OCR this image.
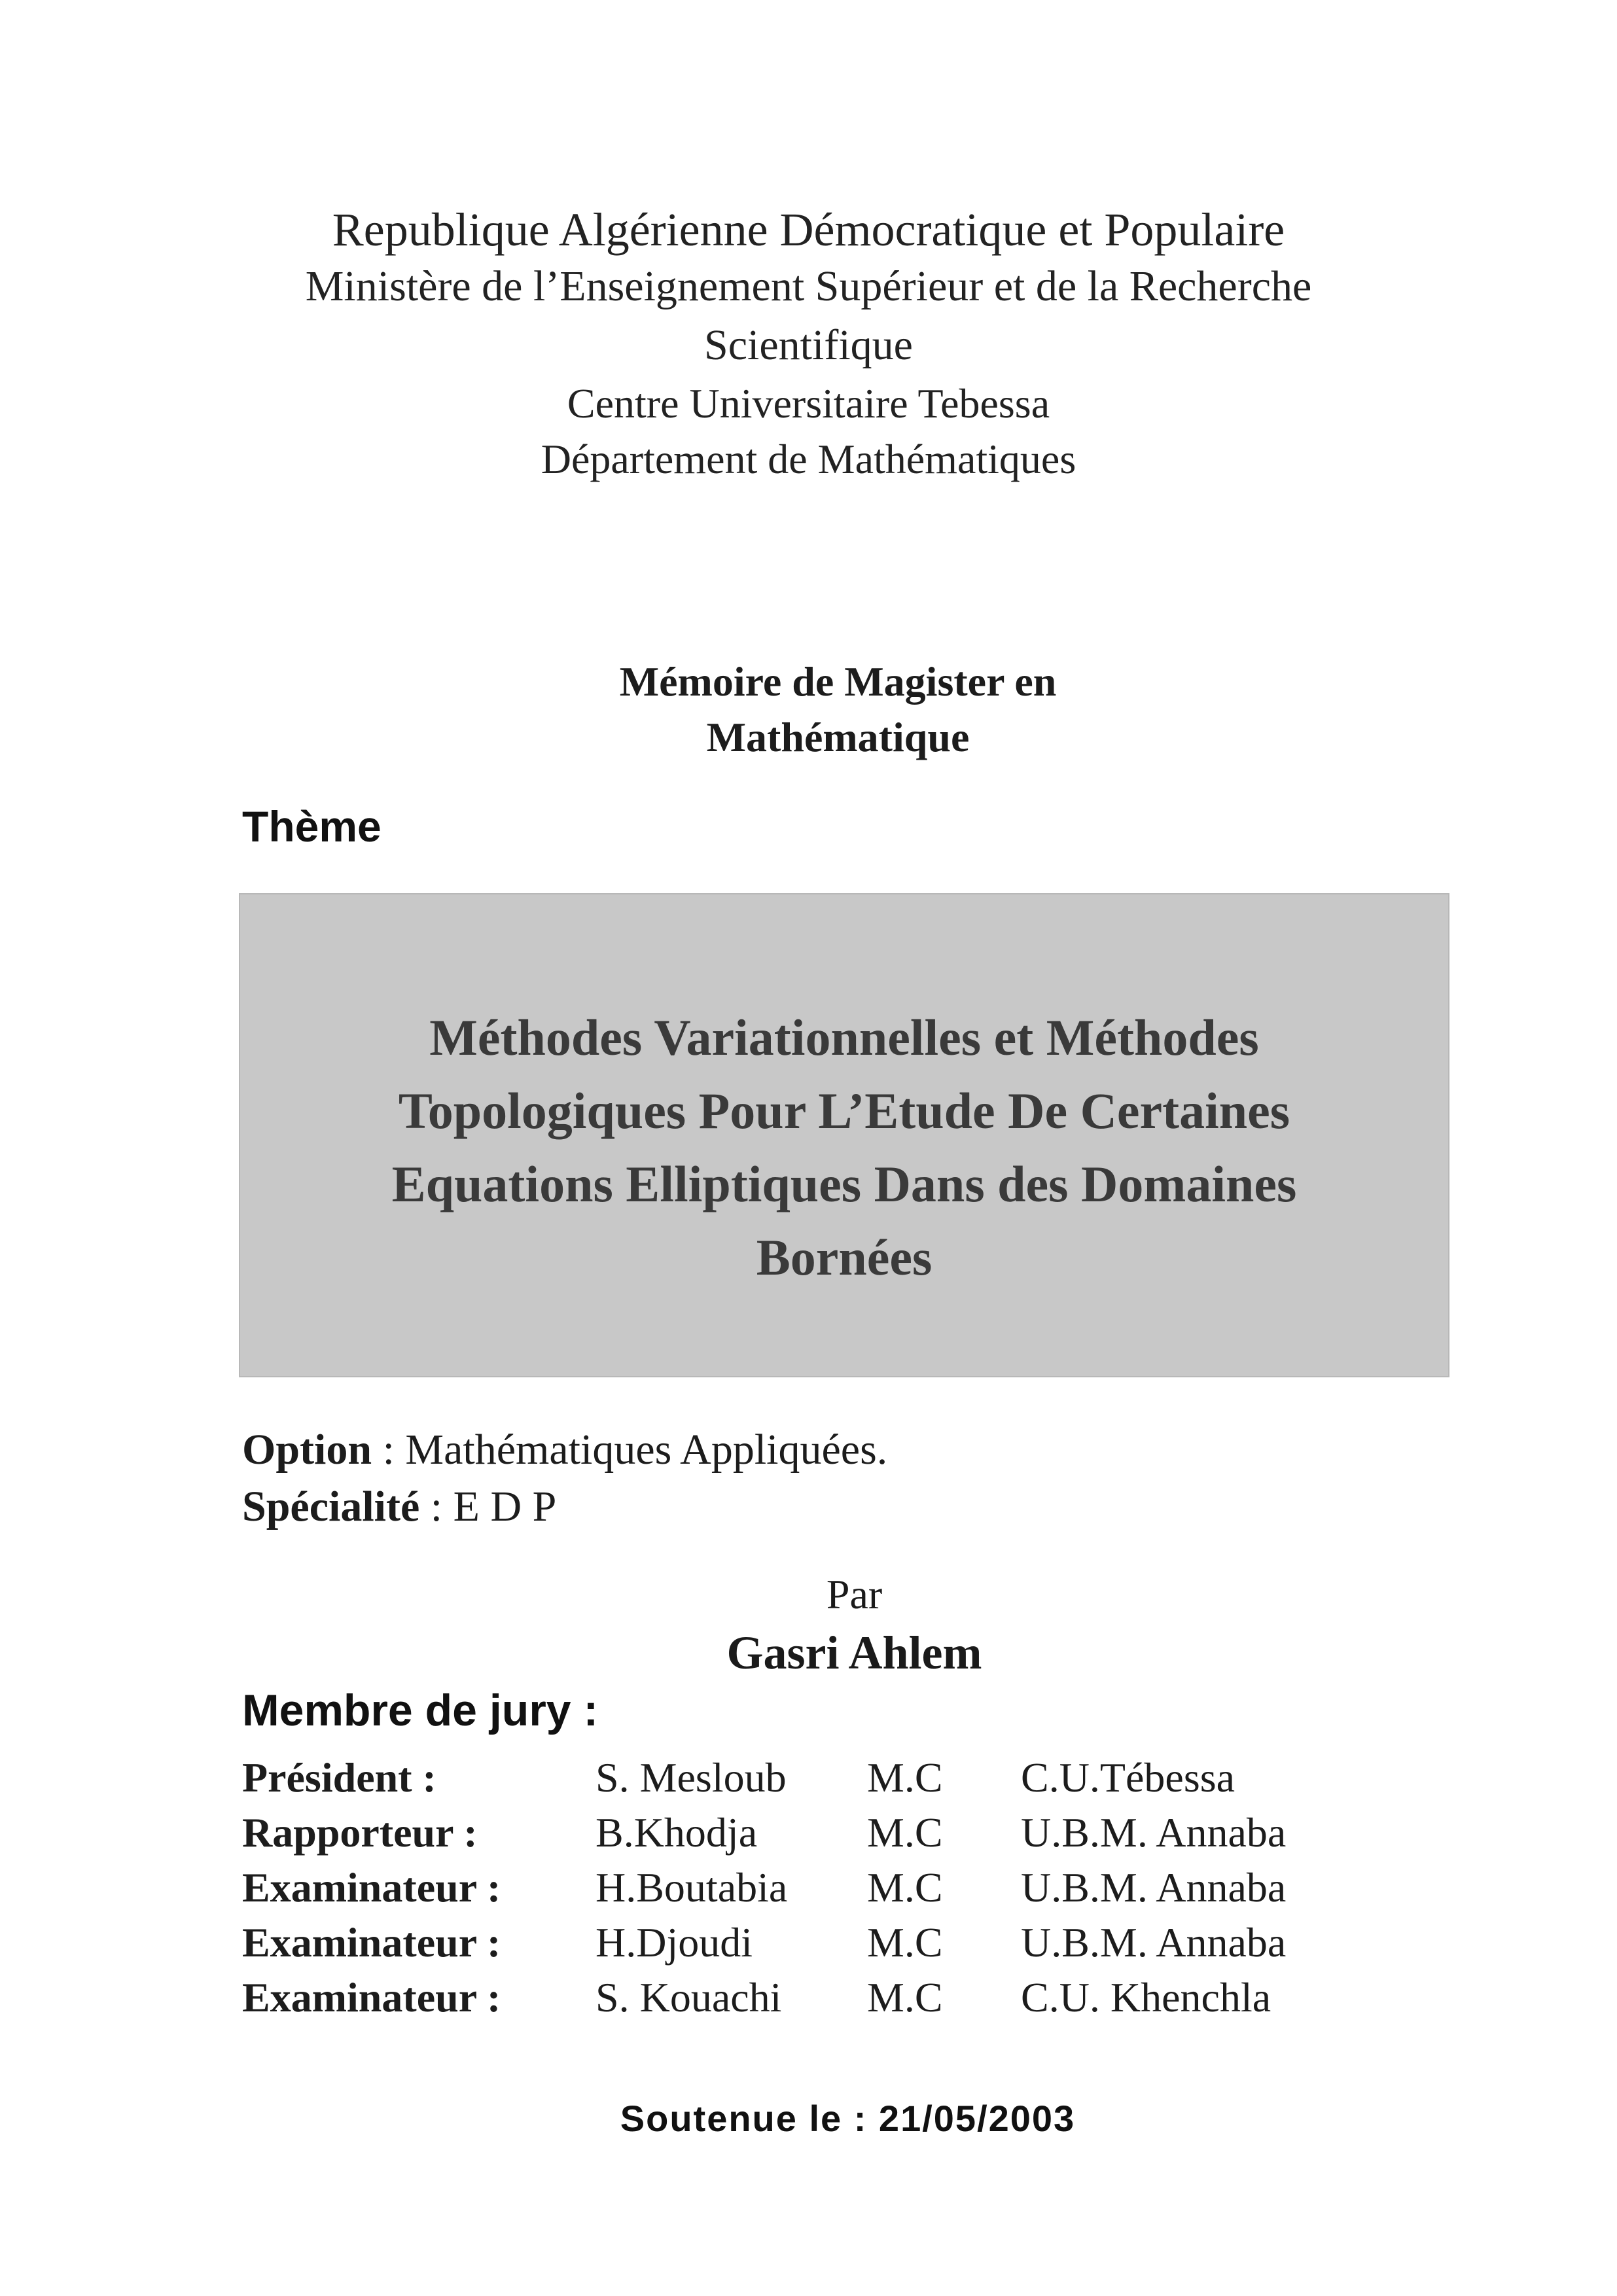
Republique Algérienne Démocratique et Populaire
Ministère de l’Enseignement Supérieur et de la Recherche
Scientifique
Centre Universitaire Tebessa
Département de Mathématiques
Mémoire de Magister en
Mathématique
Thème
Méthodes Variationnelles et Méthodes
Topologiques Pour L’Etude De Certaines
Equations Elliptiques Dans des Domaines
Bornées
Option : Mathématiques Appliquées.
Spécialité : E D P
Par
Gasri Ahlem
Membre de jury :
Président :	S. Mesloub M.C C.U.Tébessa
Rapporteur :	B.Khodja	M.C U.B.M. Annaba
Examinateur : H.Boutabia M.C U.B.M. Annaba
Examinateur : H.Djoudi	M.C U.B.M. Annaba
Examinateur : S. Kouachi M.C C.U. Khenchla
Soutenue le : 21/05/2003
